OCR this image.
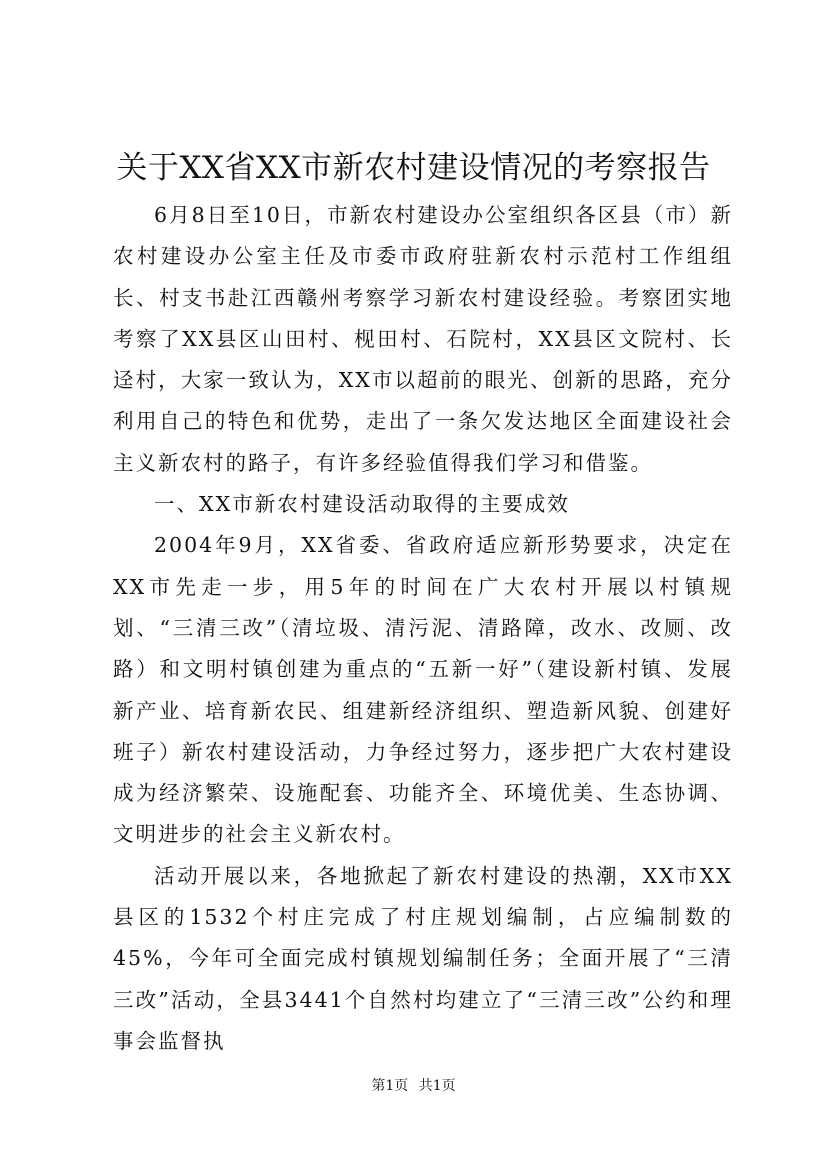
关于XX省XX市新农村建设情况的考察报告

6月8日至10日，市新农村建设办公室组织各区县（市）新农村建设办公室主任及市委市政府驻新农村示范村工作组组长、村支书赴江西赣州考察学习新农村建设经验。考察团实地考察了XX县区山田村、枧田村、石院村，XX县区文院村、长迳村，大家一致认为，XX市以超前的眼光、创新的思路，充分利用自己的特色和优势，走出了一条欠发达地区全面建设社会主义新农村的路子，有许多经验值得我们学习和借鉴。

一、XX市新农村建设活动取得的主要成效

2004年9月，XX省委、省政府适应新形势要求，决定在XX市先走一步，用5年的时间在广大农村开展以村镇规划、“三清三改”（清垃圾、清污泥、清路障，改水、改厕、改路）和文明村镇创建为重点的“五新一好”（建设新村镇、发展新产业、培育新农民、组建新经济组织、塑造新风貌、创建好班子）新农村建设活动，力争经过努力，逐步把广大农村建设成为经济繁荣、设施配套、功能齐全、环境优美、生态协调、文明进步的社会主义新农村。

活动开展以来，各地掀起了新农村建设的热潮，XX市XX县区的1532个村庄完成了村庄规划编制，占应编制数的45%，今年可全面完成村镇规划编制任务；全面开展了“三清三改”活动，全县3441个自然村均建立了“三清三改”公约和理事会监督执

第1页 共1页
